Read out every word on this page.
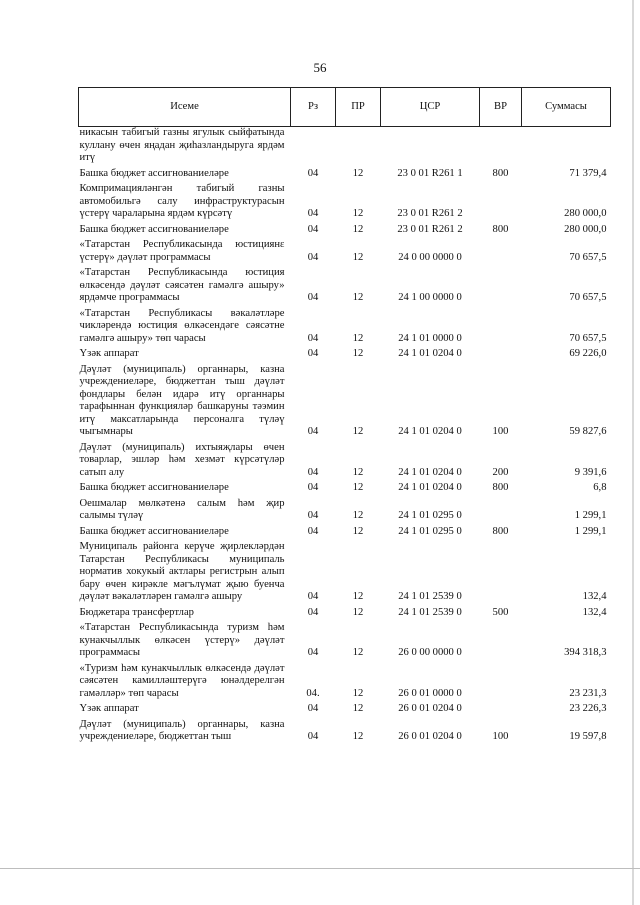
56
Исеме	Рз	ПР	ЦСР	ВР	Суммасы
никасын табигый газны ягулык сыйфатында куллану өчен яңадан җиһазландыруга ярдәм итү					
Башка бюджет ассигнованиеләре	04	12	23 0 01 R261 1	800	71 379,4
Компримацияләнгән табигый газны автомобильгә салу инфраструктурасын үстерү чараларына ярдәм күрсәтү	04	12	23 0 01 R261 2		280 000,0
Башка бюджет ассигнованиеләре	04	12	23 0 01 R261 2	800	280 000,0
«Татарстан Республикасында юстициянε үстерү» дәүләт программасы	04	12	24 0 00 0000 0		70 657,5
«Татарстан Республикасында юстиция өлкәсендә дәүләт сәясәтен гамәлгә ашыру» ярдәмче программасы	04	12	24 1 00 0000 0		70 657,5
«Татарстан Республикасы вәкаләтләре чикләрендә юстиция өлкәсендәге сәясәтне гамәлгә ашыру» төп чарасы	04	12	24 1 01 0000 0		70 657,5
Үзәк аппарат	04	12	24 1 01 0204 0		69 226,0
Дәүләт (муниципаль) органнары, казна учреждениеләре, бюджеттан тыш дәүләт фондлары белән идарә итү органнары тарафыннан функцияләр башкаруны тәэмин итү максатларында персоналга түләү чыгымнары	04	12	24 1 01 0204 0	100	59 827,6
Дәүләт (муниципаль) ихтыяҗлары өчен товарлар, эшләр һәм хезмәт күрсәтүләр сатып алу	04	12	24 1 01 0204 0	200	9 391,6
Башка бюджет ассигнованиеләре	04	12	24 1 01 0204 0	800	6,8
Оешмалар мөлкәтенә салым һәм җир салымы түләү	04	12	24 1 01 0295 0		1 299,1
Башка бюджет ассигнованиеләре	04	12	24 1 01 0295 0	800	1 299,1
Муниципаль районга керүче җирлекләрдән Татарстан Республикасы муниципаль норматив хокукый актлары регистрын алып бару өчен кирәкле мәгълүмат җыю буенча дәүләт вәкаләтләрен гамәлгә ашыру	04	12	24 1 01 2539 0		132,4
Бюджетара трансфертлар	04	12	24 1 01 2539 0	500	132,4
«Татарстан Республикасында туризм һәм кунакчыллык өлкәсен үстерү» дәүләт программасы	04	12	26 0 00 0000 0		394 318,3
«Туризм һәм кунакчыллык өлкәсендә дәүләт сәясәтен камилләштерүгә юнәлдерелгән гамәлләр» төп чарасы	04.	12	26 0 01 0000 0		23 231,3
Үзәк аппарат	04	12	26 0 01 0204 0		23 226,3
Дәүләт (муниципаль) органнары, казна учреждениеләре, бюджеттан тыш	04	12	26 0 01 0204 0	100	19 597,8
